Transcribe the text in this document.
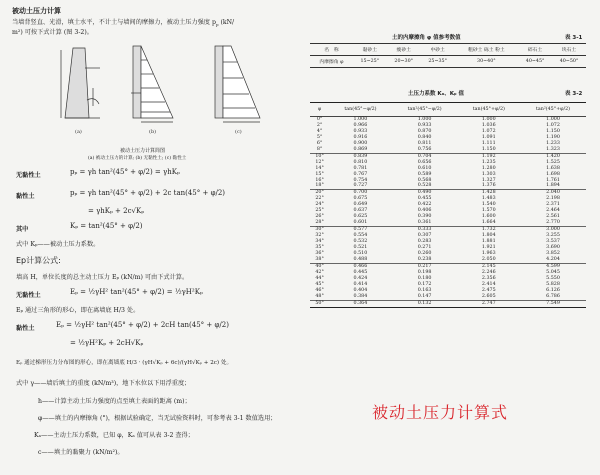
被动土压力计算
当墙背竖直、光滑，填土水平，不计土与墙间的摩擦力，被动土压力强度 $p_p$ (kN/
m²) 可按下式计算 (图 3-2)。
(a)	(b)	(c)
被动土压力计算简图
(a) 被动土压力的计算; (b) 无黏性土; (c) 黏性土
无黏性土	pₚ = γh tan²(45° + φ/2) = γhKₚ
黏性土	pₚ = γh tan²(45° + φ/2) + 2c tan(45° + φ/2)
= γhKₚ + 2c√Kₚ
其中	Kₚ = tan²(45° + φ/2)
式中 Kₚ——被动土压力系数。
Ep计算公式:
墙高 H，单位长度的总主动土压力 Eₚ (kN/m) 可由下式计算。
无黏性土	Eₚ = ½γH² tan²(45° + φ/2) = ½γH²Kₚ
Eₚ 通过三角形的形心，即在离墙底 H/3 处。
黏性土	Eₚ = ½γH² tan²(45° + φ/2) + 2cH tan(45° + φ/2)
= ½γH²Kₚ + 2cH√Kₚ
Eₚ 通过梯形压力分布图的形心，即在离墙底 H/3 · (γH√Kₚ + 6c)/(γH√Kₚ + 2c) 处。
式中 γ——墙后填土的重度 (kN/m³)，地下水位以下用浮重度；
h——计算主动土压力强度的点至填土表面的距离 (m)；
φ——填土的内摩擦角 (°)，根据试验确定，当无试验资料时，可参考表 3-1 数值选用；
Kₐ——主动土压力系数，已知 φ，Kₐ 值可从表 3-2 查得；
c——填土的黏聚力 (kN/m²)。
土的内摩擦角 φ 值参考数值	表 3-1
名　称	黏砂土	瘦砂土	中砂土	粗砂土 砾土 粉土	碎石土	块石土
内摩擦角 φ	15~25°	20~30°	25~35°	30~40°	40~45°	40~50°
土压力系数 Kₐ、Kₚ 值	表 3-2
φ	tan(45°−φ/2)	tan²(45°−φ/2)	tan(45°+φ/2)	tan²(45°+φ/2)
0°	1.000	1.000	1.000	1.000
2°	0.966	0.933	1.036	1.072
4°	0.933	0.870	1.072	1.150
5°	0.916	0.840	1.091	1.190
6°	0.900	0.811	1.111	1.233
8°	0.869	0.756	1.150	1.323
10°	0.839	0.704	1.192	1.420
12°	0.810	0.656	1.235	1.525
14°	0.781	0.610	1.280	1.638
15°	0.767	0.589	1.303	1.698
16°	0.754	0.568	1.327	1.761
18°	0.727	0.528	1.376	1.894
20°	0.700	0.490	1.428	2.040
22°	0.675	0.455	1.483	2.198
24°	0.649	0.422	1.540	2.371
25°	0.637	0.406	1.570	2.464
26°	0.625	0.390	1.600	2.561
28°	0.601	0.361	1.664	2.770
30°	0.577	0.333	1.732	3.000
32°	0.554	0.307	1.804	3.255
34°	0.532	0.283	1.881	3.537
35°	0.521	0.271	1.921	3.690
36°	0.510	0.260	1.963	3.852
38°	0.488	0.238	2.050	4.204
40°	0.466	0.217	2.145	4.599
42°	0.445	0.198	2.246	5.045
44°	0.424	0.180	2.356	5.550
45°	0.414	0.172	2.414	5.828
46°	0.404	0.163	2.475	6.126
48°	0.384	0.147	2.605	6.786
50°	0.364	0.132	2.747	7.549
被动土压力计算式
